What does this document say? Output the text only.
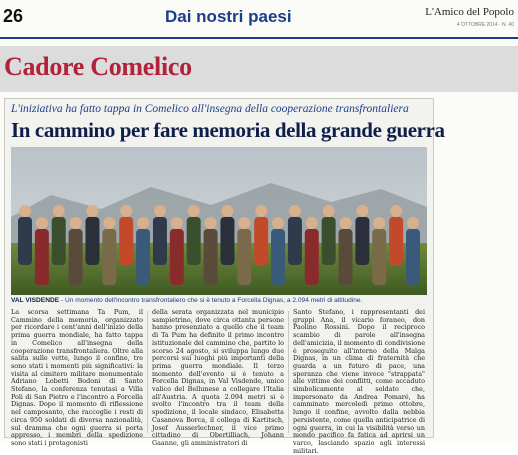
26	Dai nostri paesi	L'Amico del Popolo
4 OTTOBRE 2014 · N. 40
Cadore Comelico
L'iniziativa ha fatto tappa in Comelico all'insegna della cooperazione transfrontaliera
In cammino per fare memoria della grande guerra
VAL VISDENDE - Un momento dell'incontro transfrontaliero che si è tenuto a Forcella Dignas, a 2.094 metri di altitudine.
La scorsa settimana Ta Pum, il Cammino della memoria, organizzato per ricordare i cent'anni dell'inizio della prima guerra mondiale, ha fatto tappa in Comelico all'insegna della cooperazione transfrontaliera. Oltre alla salita sulle vette, lungo il confine, tre sono stati i momenti più significativi: la visita al cimitero militare monumentale Adriano Lobetti Bodoni di Santo Stefano, la conferenza tenutasi a Villa Poli di San Pietro e l'incontro a Forcella Dignas. Dopo il momento di riflessione nel camposanto, che raccoglie i resti di circa 950 soldati di diversa nazionalità, sul dramma che ogni guerra si porta appresso, i membri della spedizione sono stati i protagonisti
della serata organizzata nel municipio sampietrino, dove circa ottanta persone hanno presenziato a quello che il team di Ta Pum ha definito il primo incontro istituzionale del cammino che, partito lo scorso 24 agosto, si sviluppa lungo due percorsi sui luoghi più importanti della prima guerra mondiale. Il terzo momento dell'evento si è tenuto a Forcella Dignas, in Val Visdende, unico valico del Bellunese a collegare l'Italia all'Austria. A quota 2.094 metri si è svolto l'incontro tra il team della spedizione, il locale sindaco, Elisabetta Casanova Borca, il collega di Kartitsch, Josef Ausserlechner, il vice primo cittadino di Obertilliach, Johann Gaanne, gli amministratori di
Santo Stefano, i rappresentanti dei gruppi Ana, il vicario foraneo, don Paolino Rossini. Dopo il reciproco scambio di parole all'insegna dell'amicizia, il momento di condivisione è proseguito all'interno della Malga Dignas, in un clima di fraternità che guarda a un futuro di pace, una speranza che viene invece "strappata" alle vittime dei conflitti, come accaduto simbolicamente al soldato che, impersonato da Andrea Pomaré, ha camminato mercoledì primo ottobre, lungo il confine, avvolto dalla nebbia persistente, come quella anticipatrice di ogni guerra, in cui la visibilità verso un mondo pacifico fa fatica ad aprirsi un varco, lasciando spazio agli interessi militari.
